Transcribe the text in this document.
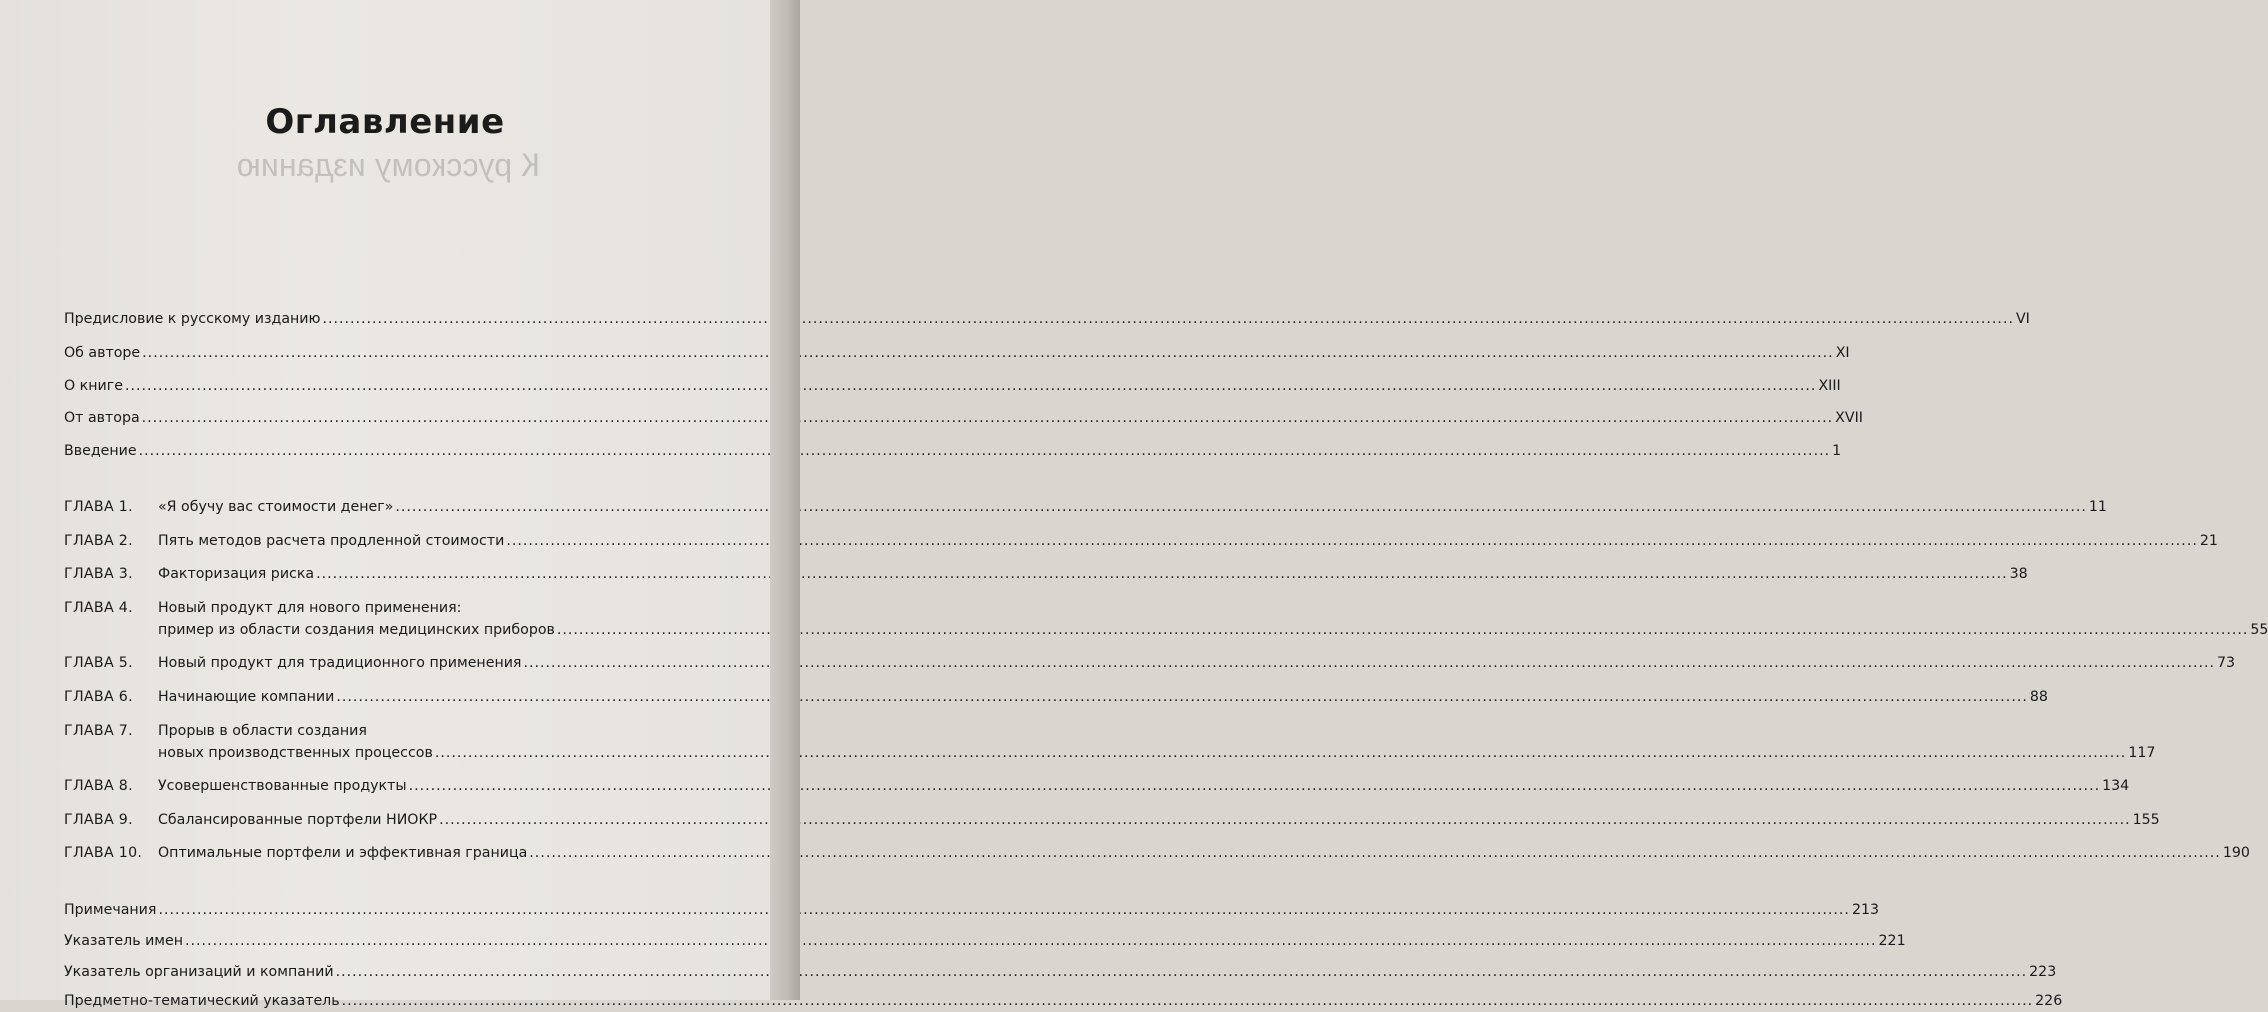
К русскому изданию

Оглавление
Предисловие к русскому изданию .....	VI
Об авторе .....	XI
О книге .....	XIII
От автора .....	XVII
Введение .....	1
ГЛАВА 1.	«Я обучу вас стоимости денег» .....	11
ГЛАВА 2.	Пять методов расчета продленной стоимости .....	21
ГЛАВА 3.	Факторизация риска .....	38
ГЛАВА 4.	Новый продукт для нового применения:
пример из области создания медицинских приборов .....	55
ГЛАВА 5.	Новый продукт для традиционного применения .....	73
ГЛАВА 6.	Начинающие компании .....	88
ГЛАВА 7.	Прорыв в области создания
новых производственных процессов .....	117
ГЛАВА 8.	Усовершенствованные продукты .....	134
ГЛАВА 9.	Сбалансированные портфели НИОКР .....	155
ГЛАВА 10.	Оптимальные портфели и эффективная граница .....	190
Примечания .....	213
Указатель имен .....	221
Указатель организаций и компаний .....	223
Предметно-тематический указатель .....	226
